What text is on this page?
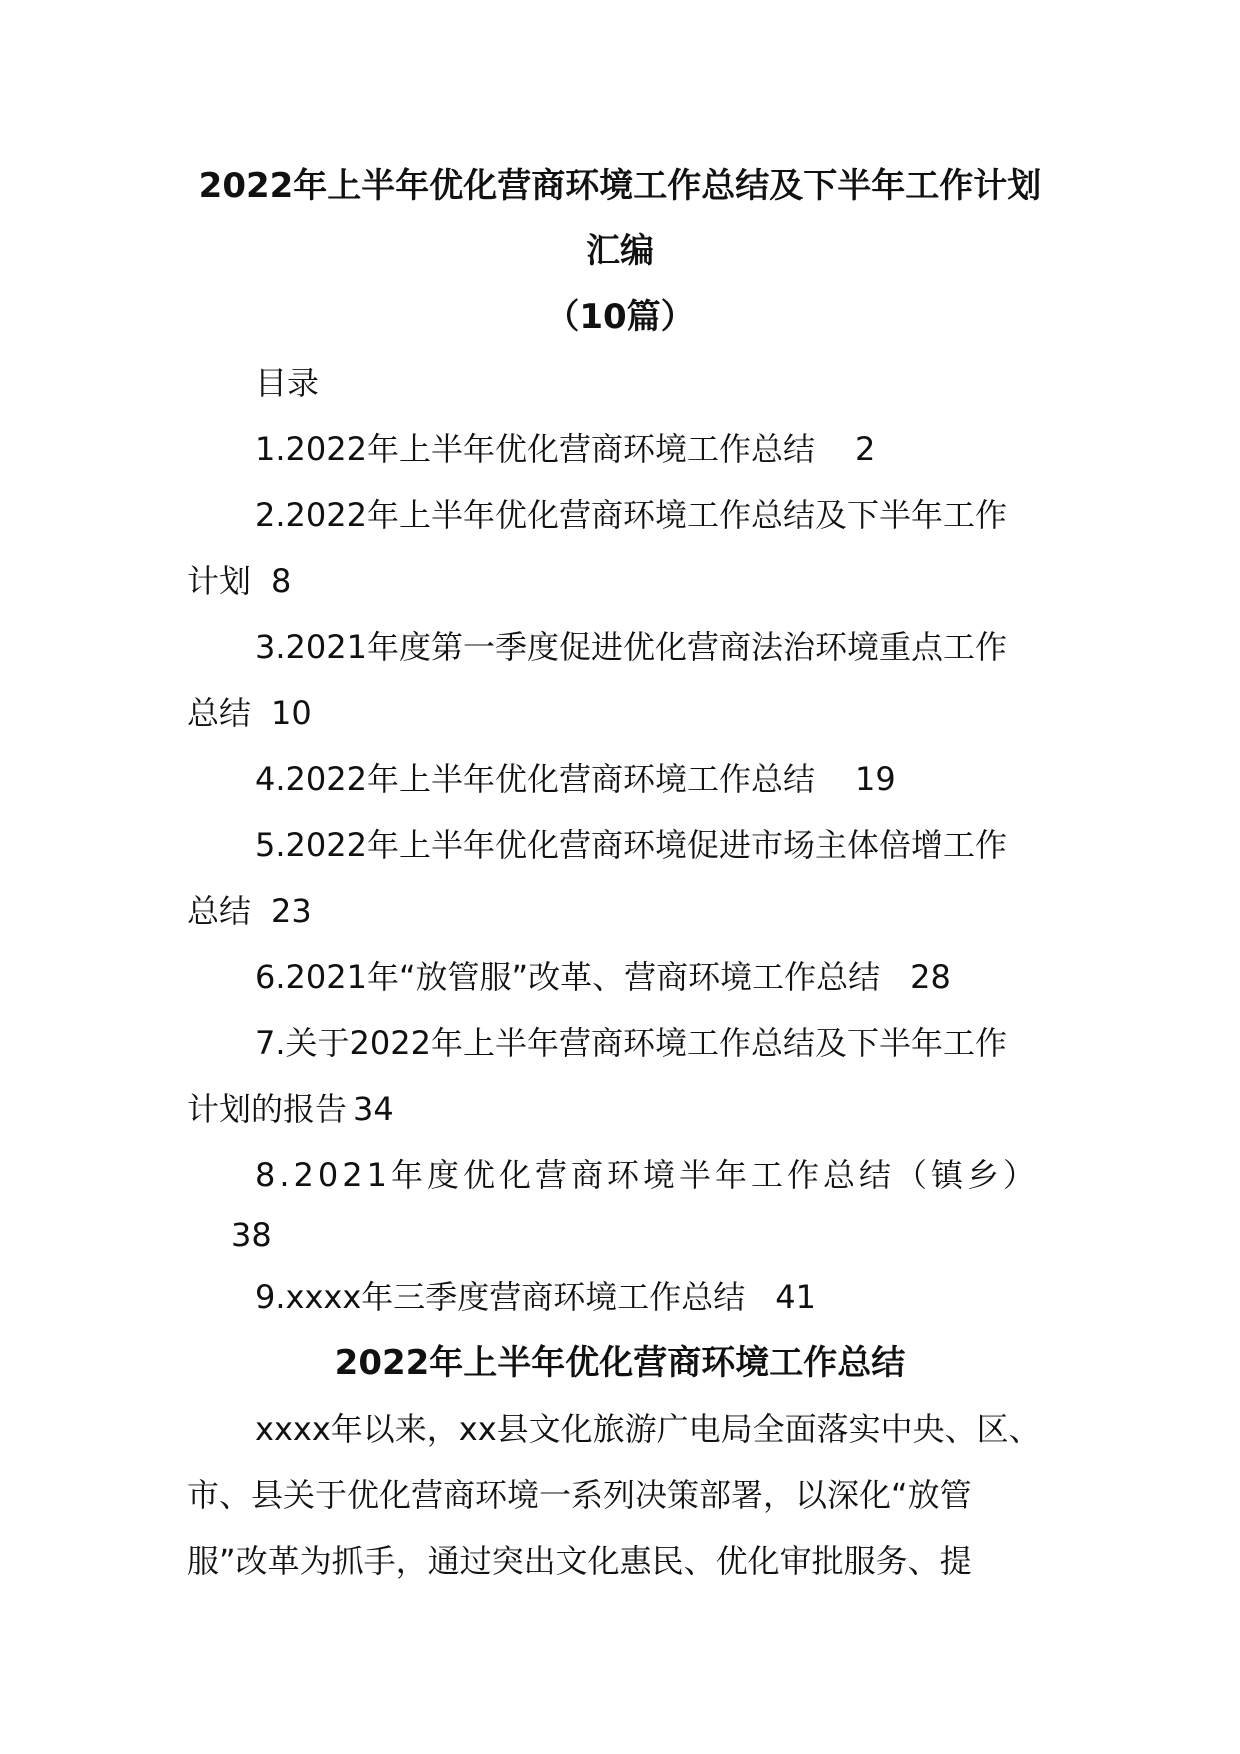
2022年上半年优化营商环境工作总结及下半年工作计划
汇编
（10篇）
目录
1.2022年上半年优化营商环境工作总结 2
2.2022年上半年优化营商环境工作总结及下半年工作
计划 8
3.2021年度第一季度促进优化营商法治环境重点工作
总结 10
4.2022年上半年优化营商环境工作总结 19
5.2022年上半年优化营商环境促进市场主体倍增工作
总结 23
6.2021年“放管服”改革、营商环境工作总结 28
7.关于2022年上半年营商环境工作总结及下半年工作
计划的报告 34
8.2021年度优化营商环境半年工作总结（镇乡）
38
9.xxxx年三季度营商环境工作总结 41
2022年上半年优化营商环境工作总结
xxxx年以来，xx县文化旅游广电局全面落实中央、区、
市、县关于优化营商环境一系列决策部署，以深化“放管
服”改革为抓手，通过突出文化惠民、优化审批服务、提
